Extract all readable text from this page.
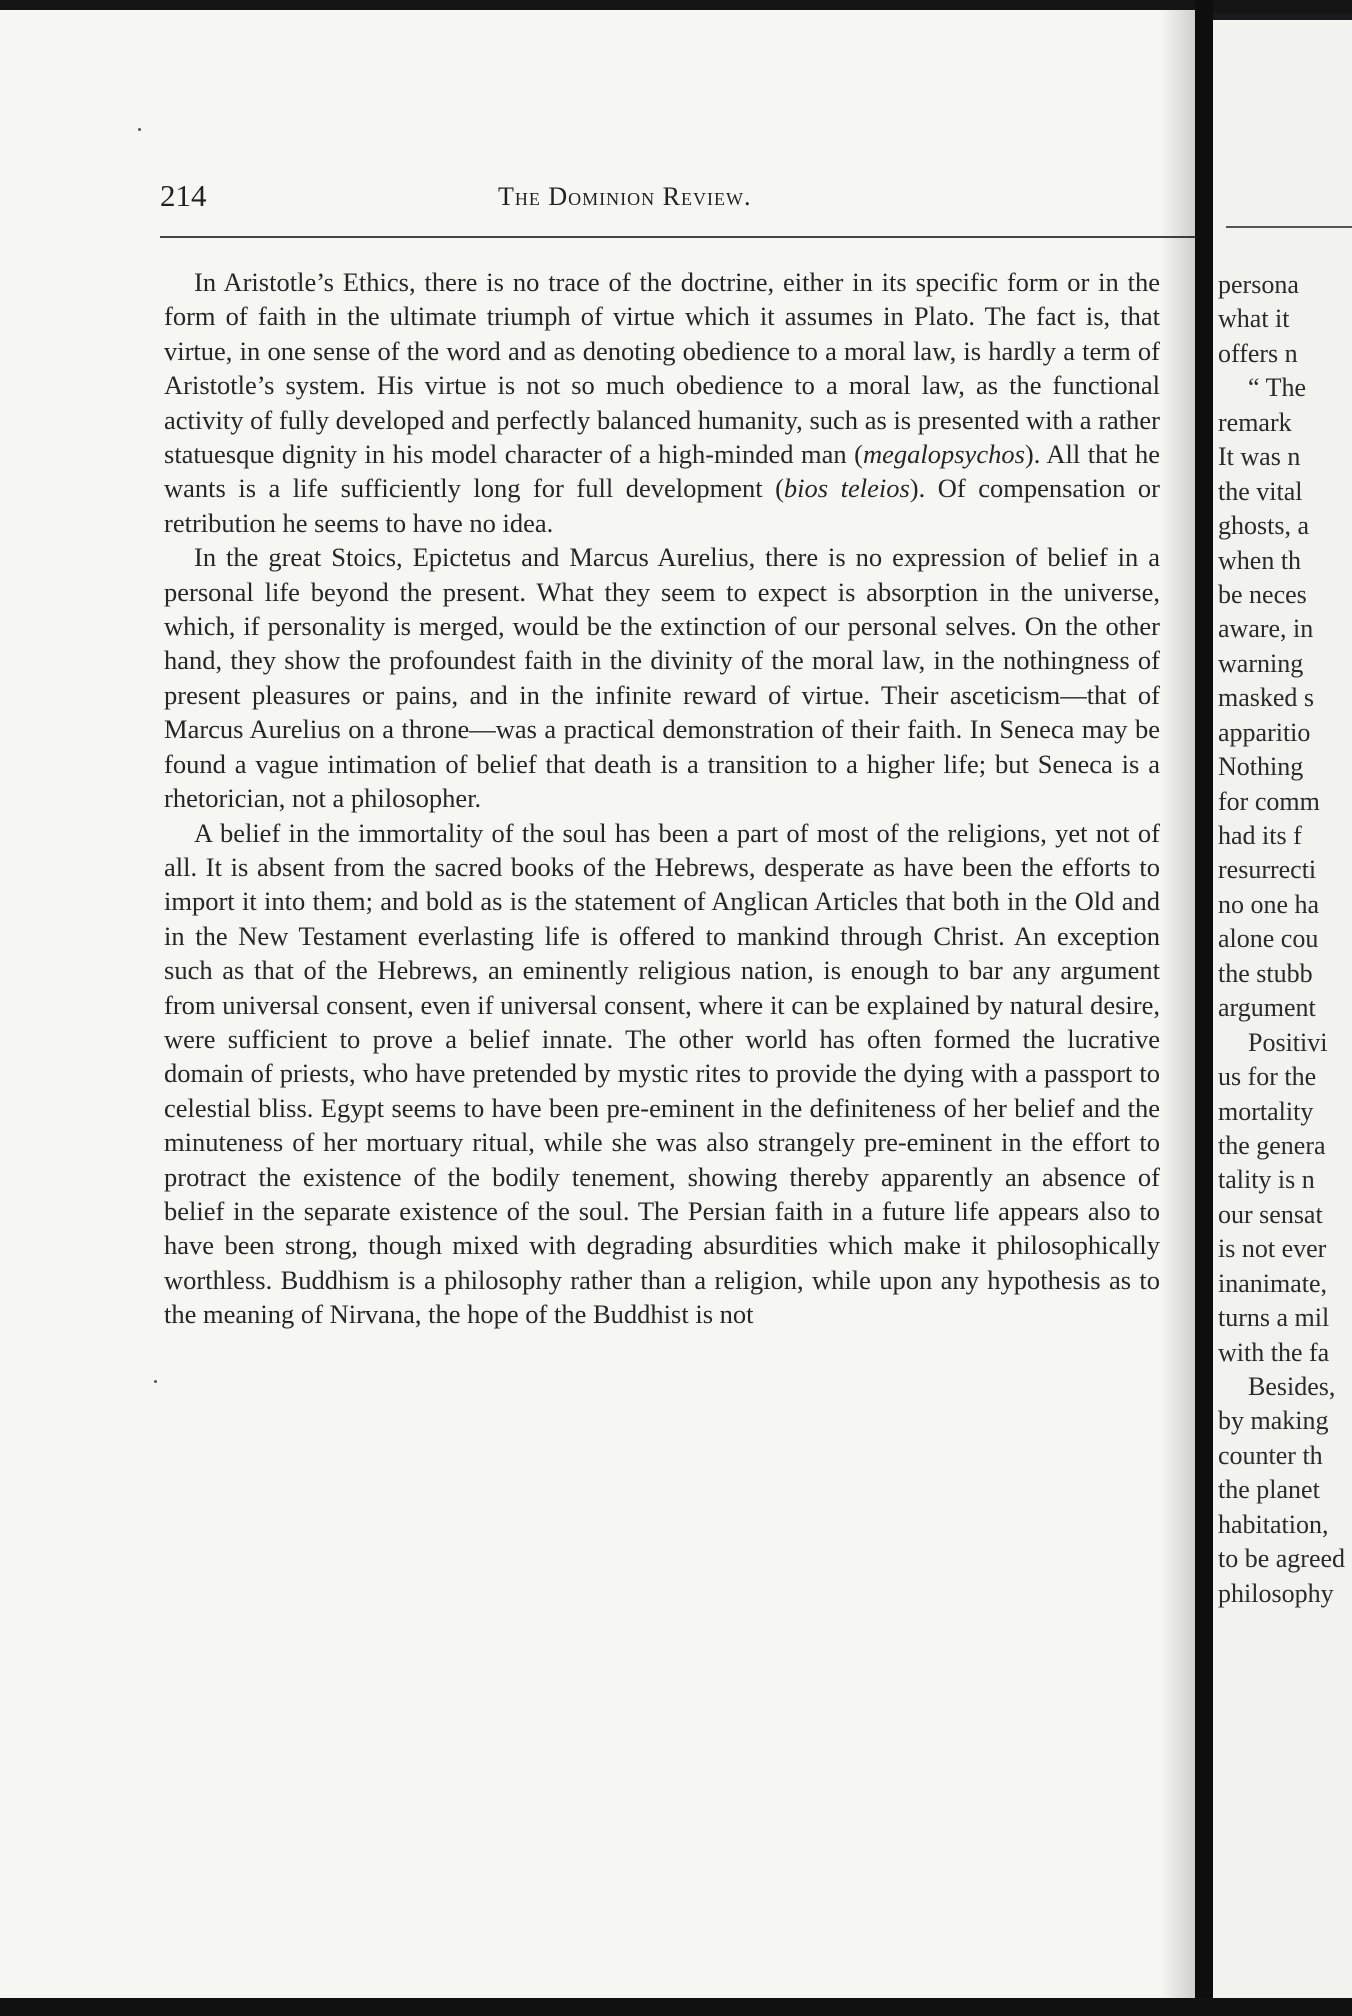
214	The Dominion Review.

In Aristotle’s Ethics, there is no trace of the doctrine, either in its specific form or in the form of faith in the ultimate triumph of virtue which it assumes in Plato. The fact is, that virtue, in one sense of the word and as denoting obedience to a moral law, is hardly a term of Aristotle’s system. His virtue is not so much obedience to a moral law, as the functional activity of fully developed and perfectly balanced humanity, such as is presented with a rather statuesque dignity in his model character of a high-minded man (megalopsychos). All that he wants is a life sufficiently long for full development (bios teleios). Of compensation or retribution he seems to have no idea.

In the great Stoics, Epictetus and Marcus Aurelius, there is no expression of belief in a personal life beyond the present. What they seem to expect is absorption in the universe, which, if personality is merged, would be the extinction of our personal selves. On the other hand, they show the profoundest faith in the divinity of the moral law, in the nothingness of present pleasures or pains, and in the infinite reward of virtue. Their asceticism—that of Marcus Aurelius on a throne—was a practical demonstration of their faith. In Seneca may be found a vague intimation of belief that death is a transition to a higher life; but Seneca is a rhetorician, not a philosopher.

A belief in the immortality of the soul has been a part of most of the religions, yet not of all. It is absent from the sacred books of the Hebrews, desperate as have been the efforts to import it into them; and bold as is the statement of Anglican Articles that both in the Old and in the New Testament everlasting life is offered to mankind through Christ. An exception such as that of the Hebrews, an eminently religious nation, is enough to bar any argument from universal consent, even if universal consent, where it can be explained by natural desire, were sufficient to prove a belief innate. The other world has often formed the lucrative domain of priests, who have pretended by mystic rites to provide the dying with a passport to celestial bliss. Egypt seems to have been pre-eminent in the definiteness of her belief and the minuteness of her mortuary ritual, while she was also strangely pre-eminent in the effort to protract the existence of the bodily tenement, showing thereby apparently an absence of belief in the separate existence of the soul. The Persian faith in a future life appears also to have been strong, though mixed with degrading absurdities which make it philosophically worthless. Buddhism is a philosophy rather than a religion, while upon any hypothesis as to the meaning of Nirvana, the hope of the Buddhist is not

persona
what it
offers n
“ The
remark
It was n
the vital
ghosts, a
when th
be neces
aware, in
warning
masked s
apparitio
Nothing
for comm
had its f
resurrecti
no one ha
alone cou
the stubb
argument
Positivi
us for the
mortality
the genera
tality is n
our sensat
is not ever
inanimate,
turns a mil
with the fa
Besides,
by making
counter th
the planet
habitation,
to be agreed
philosophy
